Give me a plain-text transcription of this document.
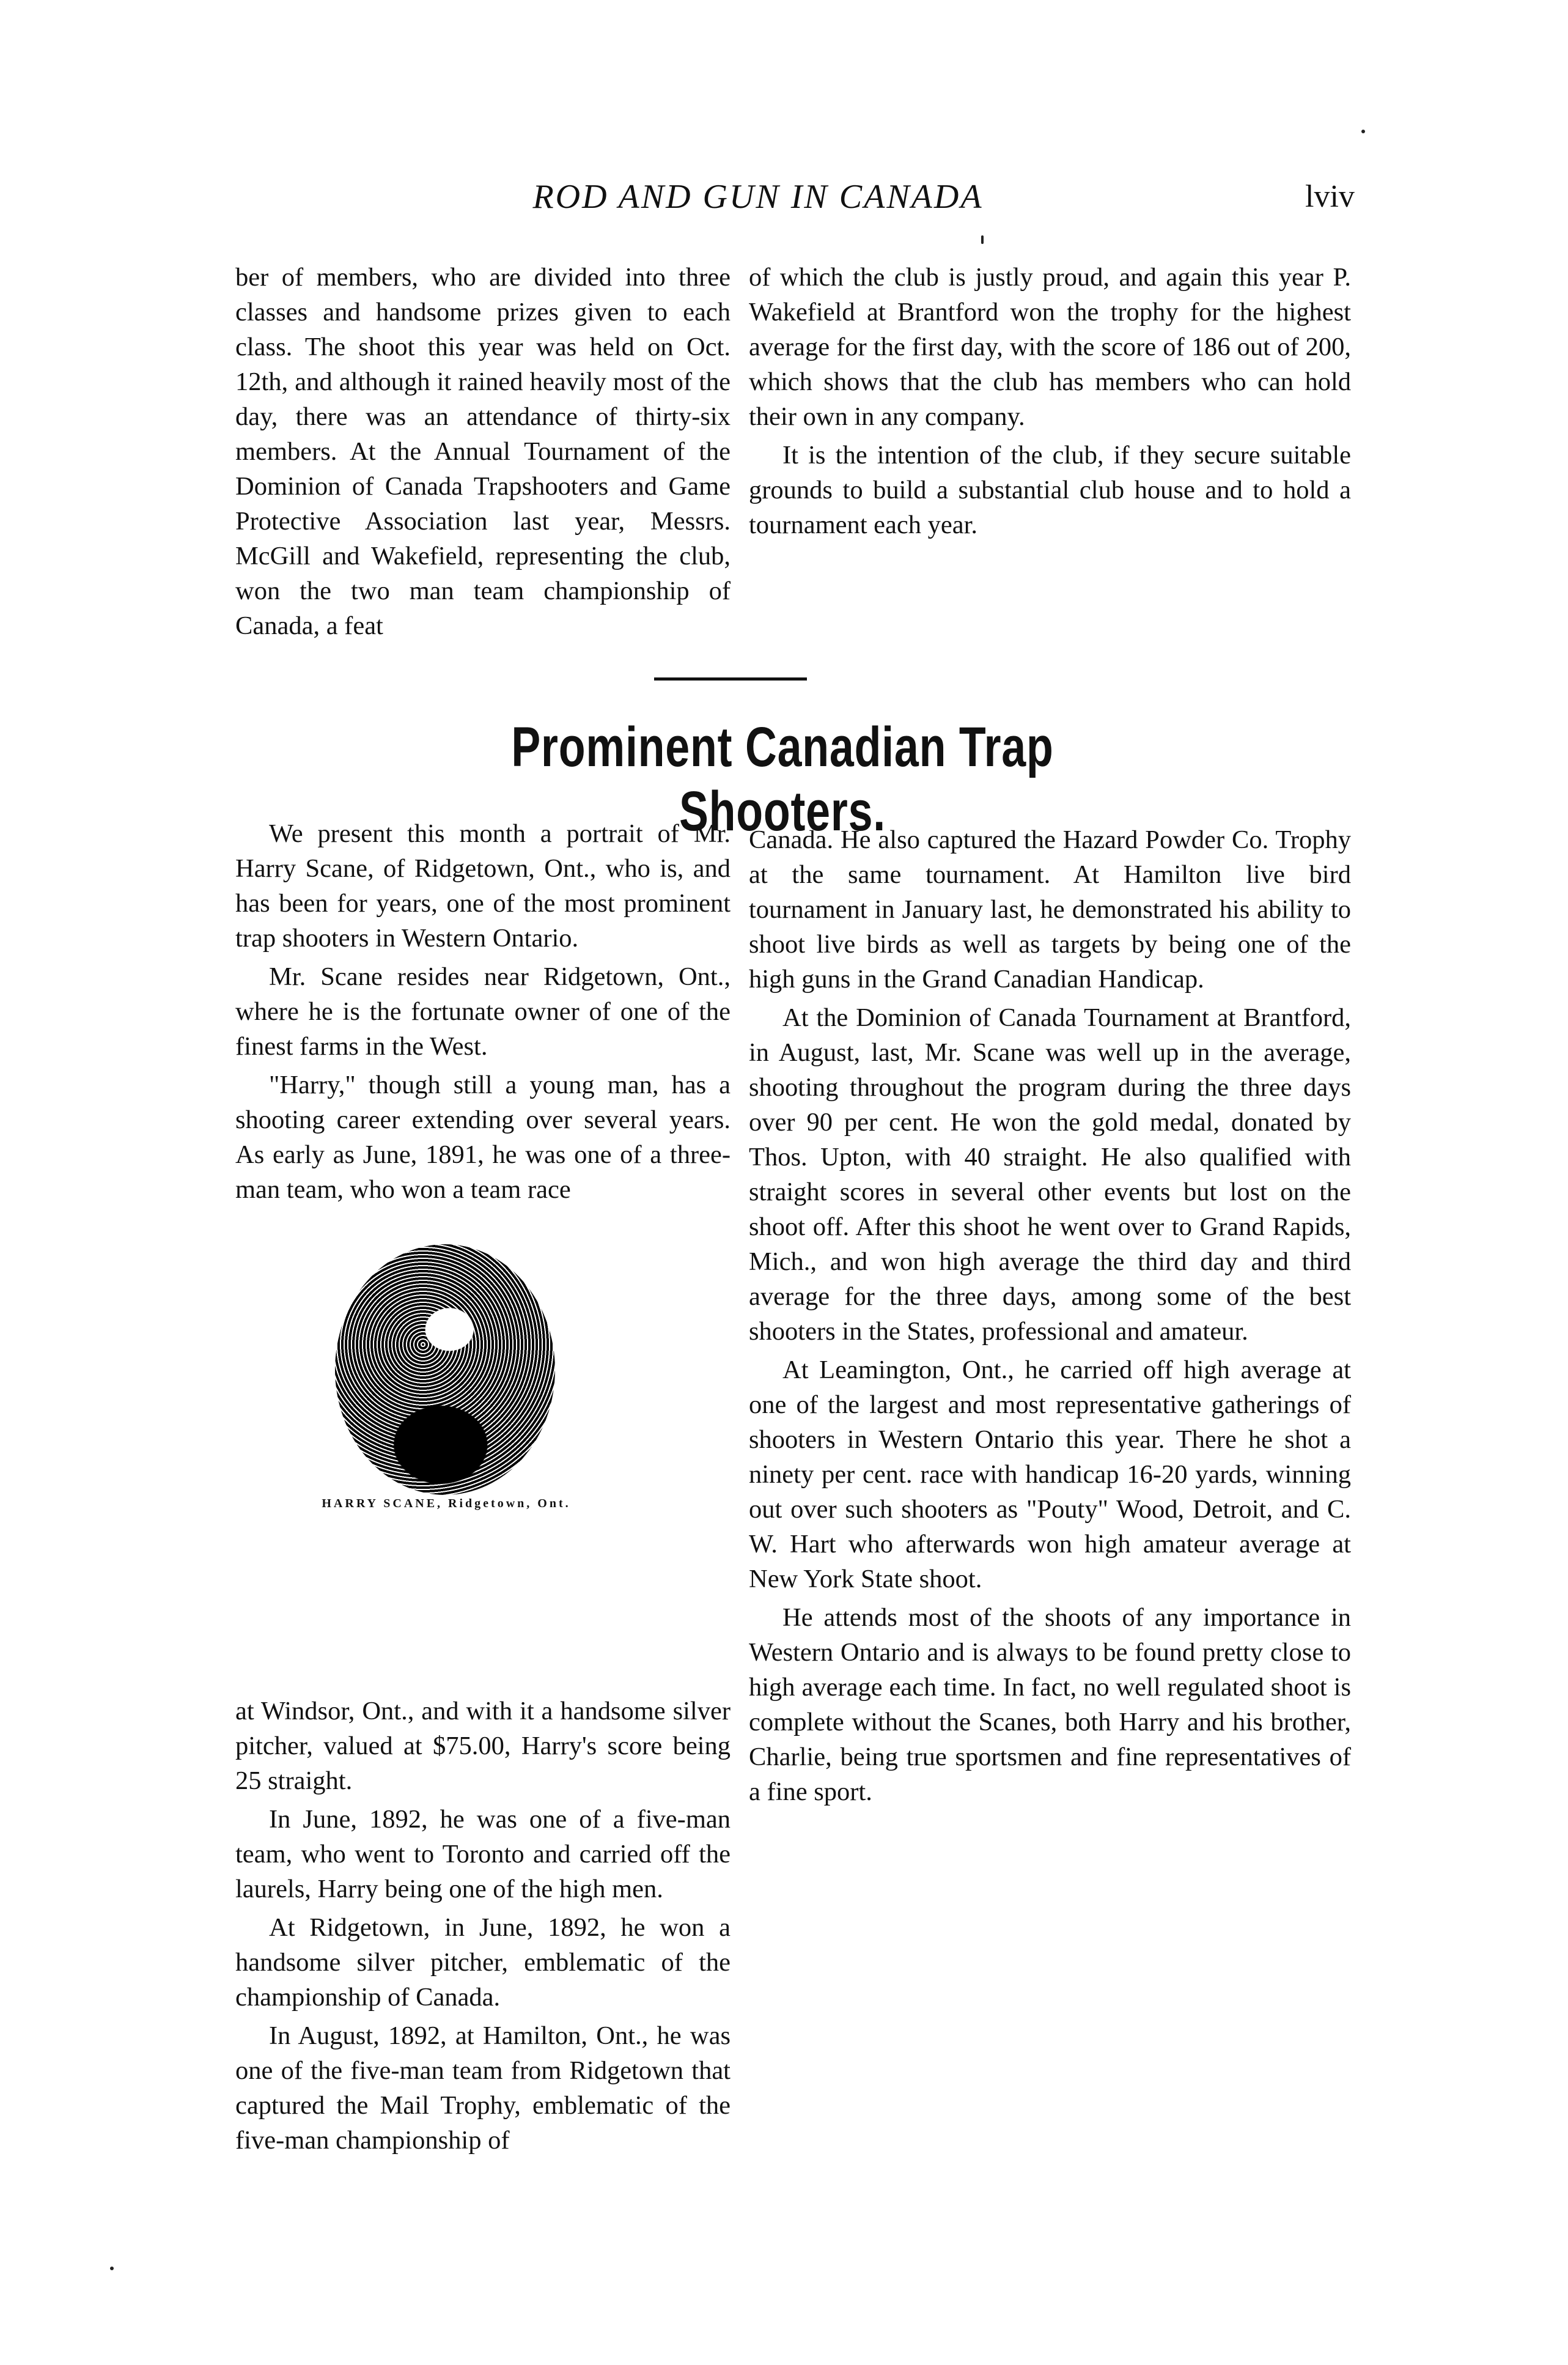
ROD AND GUN IN CANADA	lviv

ber of members, who are divided into three classes and handsome prizes given to each class. The shoot this year was held on Oct. 12th, and although it rained heavily most of the day, there was an attendance of thirty-six members. At the Annual Tournament of the Dominion of Canada Trapshooters and Game Protective Association last year, Messrs. McGill and Wakefield, representing the club, won the two man team championship of Canada, a feat

of which the club is justly proud, and again this year P. Wakefield at Brantford won the trophy for the highest average for the first day, with the score of 186 out of 200, which shows that the club has members who can hold their own in any company.

It is the intention of the club, if they secure suitable grounds to build a substantial club house and to hold a tournament each year.

Prominent Canadian Trap Shooters.

We present this month a portrait of Mr. Harry Scane, of Ridgetown, Ont., who is, and has been for years, one of the most prominent trap shooters in Western Ontario.

Mr. Scane resides near Ridgetown, Ont., where he is the fortunate owner of one of the finest farms in the West.

"Harry," though still a young man, has a shooting career extending over several years. As early as June, 1891, he was one of a three-man team, who won a team race

HARRY SCANE, Ridgetown, Ont.

at Windsor, Ont., and with it a handsome silver pitcher, valued at $75.00, Harry's score being 25 straight.

In June, 1892, he was one of a five-man team, who went to Toronto and carried off the laurels, Harry being one of the high men.

At Ridgetown, in June, 1892, he won a handsome silver pitcher, emblematic of the championship of Canada.

In August, 1892, at Hamilton, Ont., he was one of the five-man team from Ridgetown that captured the Mail Trophy, emblematic of the five-man championship of

Canada. He also captured the Hazard Powder Co. Trophy at the same tournament. At Hamilton live bird tournament in January last, he demonstrated his ability to shoot live birds as well as targets by being one of the high guns in the Grand Canadian Handicap.

At the Dominion of Canada Tournament at Brantford, in August, last, Mr. Scane was well up in the average, shooting throughout the program during the three days over 90 per cent. He won the gold medal, donated by Thos. Upton, with 40 straight. He also qualified with straight scores in several other events but lost on the shoot off. After this shoot he went over to Grand Rapids, Mich., and won high average the third day and third average for the three days, among some of the best shooters in the States, professional and amateur.

At Leamington, Ont., he carried off high average at one of the largest and most representative gatherings of shooters in Western Ontario this year. There he shot a ninety per cent. race with handicap 16-20 yards, winning out over such shooters as "Pouty" Wood, Detroit, and C. W. Hart who afterwards won high amateur average at New York State shoot.

He attends most of the shoots of any importance in Western Ontario and is always to be found pretty close to high average each time. In fact, no well regulated shoot is complete without the Scanes, both Harry and his brother, Charlie, being true sportsmen and fine representatives of a fine sport.
